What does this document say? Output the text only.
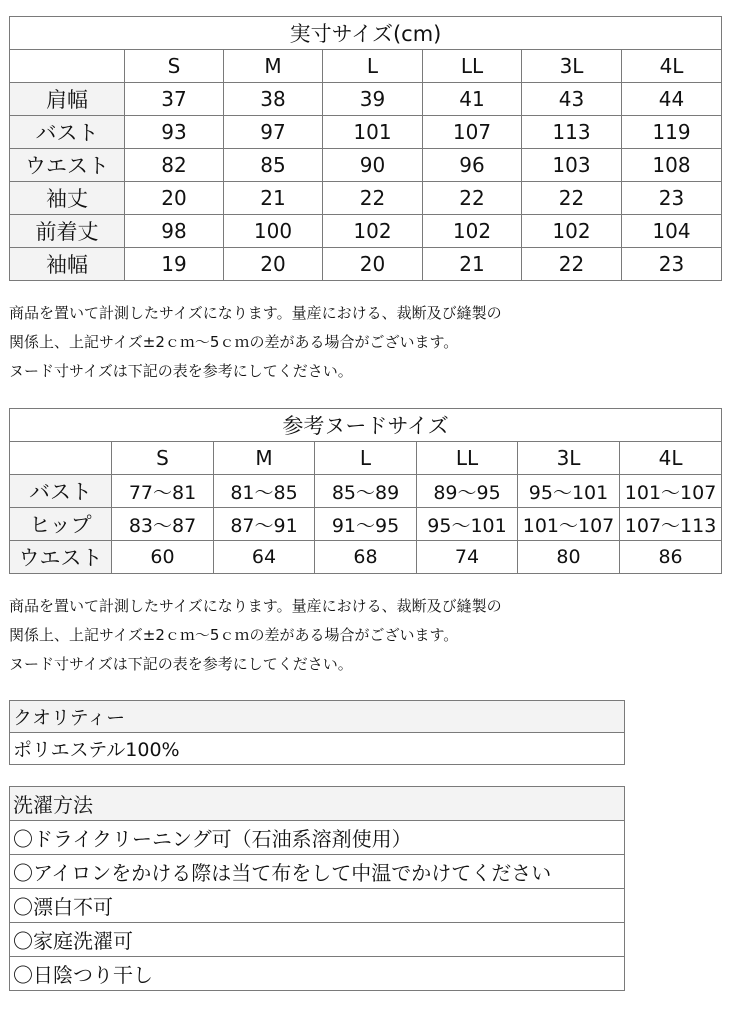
実寸サイズ(cm)						
	S	M	L	LL	3L	4L
肩幅	37	38	39	41	43	44
バスト	93	97	101	107	113	119
ウエスト	82	85	90	96	103	108
袖丈	20	21	22	22	22	23
前着丈	98	100	102	102	102	104
袖幅	19	20	20	21	22	23
商品を置いて計測したサイズになります。量産における、裁断及び縫製の
関係上、上記サイズ±2ｃｍ〜5ｃｍの差がある場合がございます。
ヌード寸サイズは下記の表を参考にしてください。
参考ヌードサイズ						
	S	M	L	LL	3L	4L
バスト	77〜81	81〜85	85〜89	89〜95	95〜101	101〜107
ヒップ	83〜87	87〜91	91〜95	95〜101	101〜107	107〜113
ウエスト	60	64	68	74	80	86
商品を置いて計測したサイズになります。量産における、裁断及び縫製の
関係上、上記サイズ±2ｃｍ〜5ｃｍの差がある場合がございます。
ヌード寸サイズは下記の表を参考にしてください。
クオリティー
ポリエステル100%
洗濯方法
〇ドライクリーニング可（石油系溶剤使用）
〇アイロンをかける際は当て布をして中温でかけてください
〇漂白不可
〇家庭洗濯可
〇日陰つり干し
